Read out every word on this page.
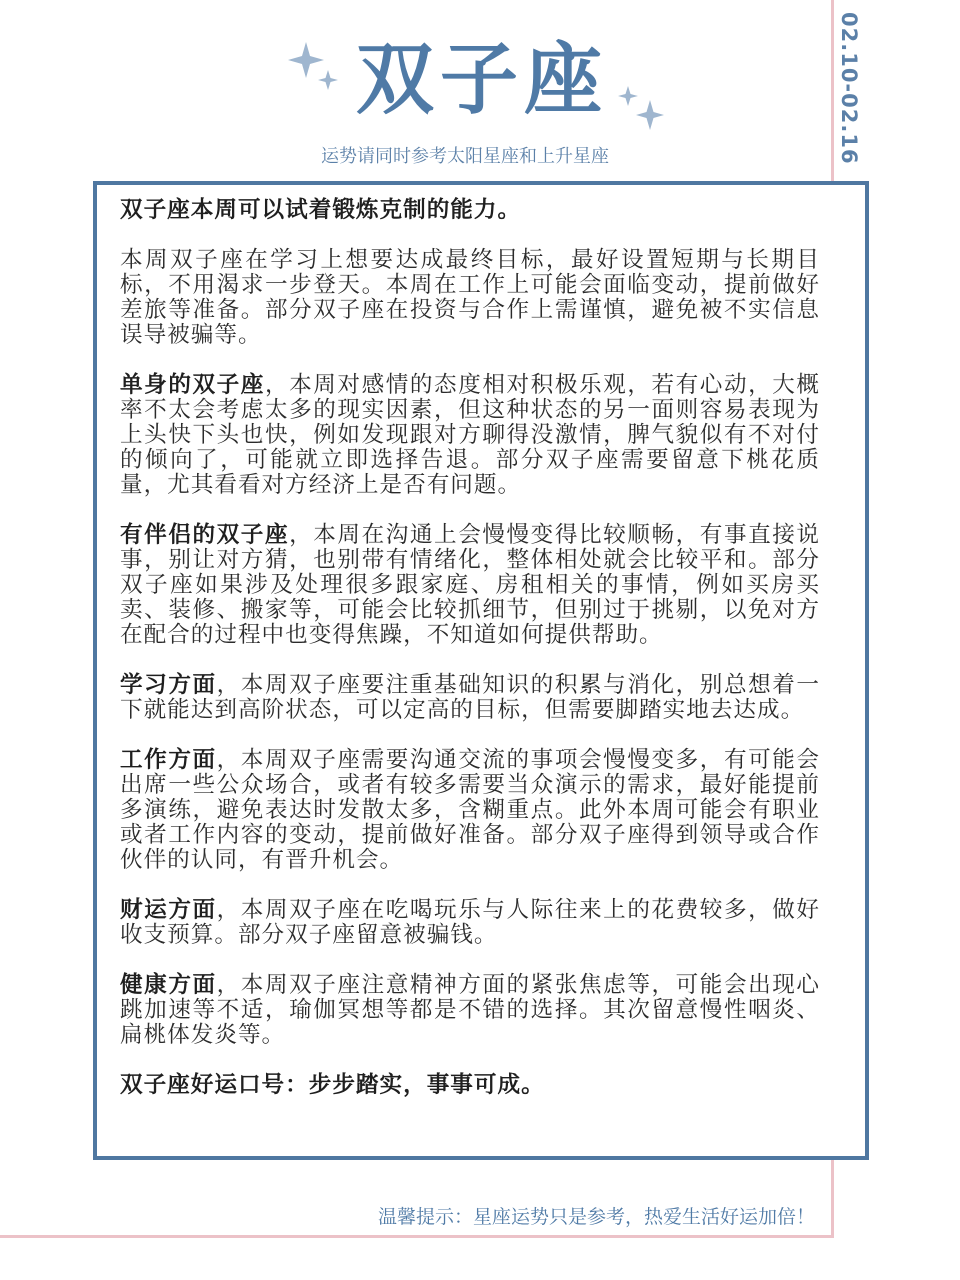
双子座
运势请同时参考太阳星座和上升星座	02.10-02.16

双子座本周可以试着锻炼克制的能力。

本周双子座在学习上想要达成最终目标，最好设置短期与长期目标，不用渴求一步登天。本周在工作上可能会面临变动，提前做好差旅等准备。部分双子座在投资与合作上需谨慎，避免被不实信息误导被骗等。

单身的双子座，本周对感情的态度相对积极乐观，若有心动，大概率不太会考虑太多的现实因素，但这种状态的另一面则容易表现为上头快下头也快，例如发现跟对方聊得没激情，脾气貌似有不对付的倾向了，可能就立即选择告退。部分双子座需要留意下桃花质量，尤其看看对方经济上是否有问题。

有伴侣的双子座，本周在沟通上会慢慢变得比较顺畅，有事直接说事，别让对方猜，也别带有情绪化，整体相处就会比较平和。部分双子座如果涉及处理很多跟家庭、房租相关的事情，例如买房买卖、装修、搬家等，可能会比较抓细节，但别过于挑剔，以免对方在配合的过程中也变得焦躁，不知道如何提供帮助。

学习方面，本周双子座要注重基础知识的积累与消化，别总想着一下就能达到高阶状态，可以定高的目标，但需要脚踏实地去达成。

工作方面，本周双子座需要沟通交流的事项会慢慢变多，有可能会出席一些公众场合，或者有较多需要当众演示的需求，最好能提前多演练，避免表达时发散太多，含糊重点。此外本周可能会有职业或者工作内容的变动，提前做好准备。部分双子座得到领导或合作伙伴的认同，有晋升机会。

财运方面，本周双子座在吃喝玩乐与人际往来上的花费较多，做好收支预算。部分双子座留意被骗钱。

健康方面，本周双子座注意精神方面的紧张焦虑等，可能会出现心跳加速等不适，瑜伽冥想等都是不错的选择。其次留意慢性咽炎、扁桃体发炎等。

双子座好运口号：步步踏实，事事可成。

温馨提示：星座运势只是参考，热爱生活好运加倍！
